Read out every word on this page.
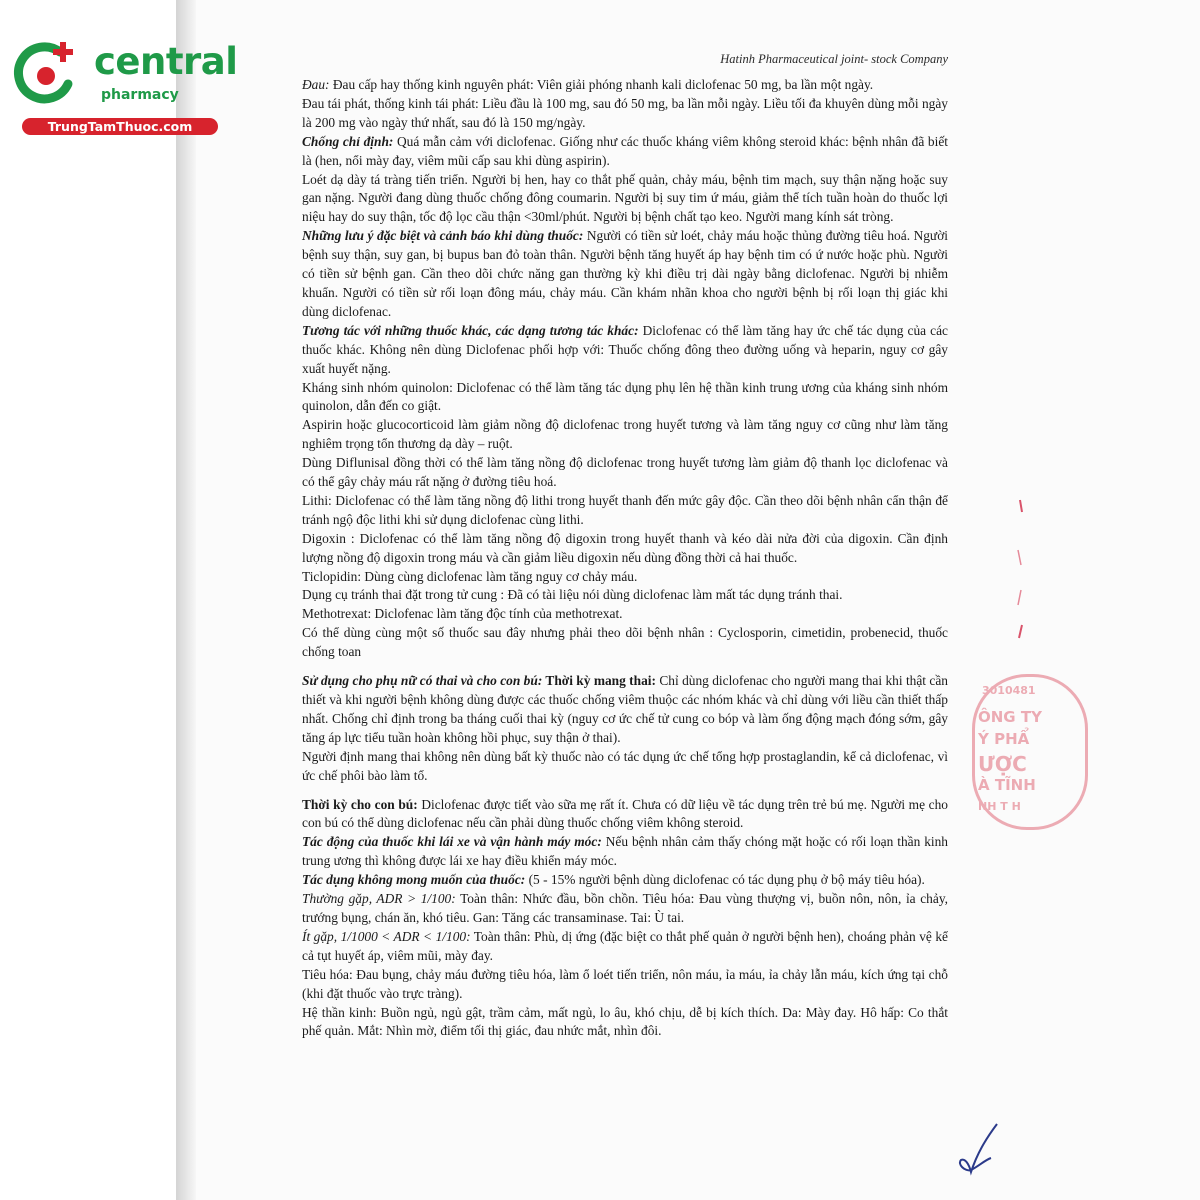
central
pharmacy
TrungTamThuoc.com
Hatinh Pharmaceutical joint- stock Company

Đau: Đau cấp hay thống kinh nguyên phát: Viên giải phóng nhanh kali diclofenac 50 mg, ba lần một ngày.

Đau tái phát, thống kinh tái phát: Liều đầu là 100 mg, sau đó 50 mg, ba lần mỗi ngày. Liều tối đa khuyên dùng mỗi ngày là 200 mg vào ngày thứ nhất, sau đó là 150 mg/ngày.

Chống chỉ định: Quá mẫn cảm với diclofenac. Giống như các thuốc kháng viêm không steroid khác: bệnh nhân đã biết là (hen, nổi mày đay, viêm mũi cấp sau khi dùng aspirin).

Loét dạ dày tá tràng tiến triển. Người bị hen, hay co thắt phế quản, chảy máu, bệnh tim mạch, suy thận nặng hoặc suy gan nặng. Người đang dùng thuốc chống đông coumarin. Người bị suy tim ứ máu, giảm thể tích tuần hoàn do thuốc lợi niệu hay do suy thận, tốc độ lọc cầu thận <30ml/phút. Người bị bệnh chất tạo keo. Người mang kính sát tròng.

Những lưu ý đặc biệt và cảnh báo khi dùng thuốc: Người có tiền sử loét, chảy máu hoặc thủng đường tiêu hoá. Người bệnh suy thận, suy gan, bị bupus ban đỏ toàn thân. Người bệnh tăng huyết áp hay bệnh tim có ứ nước hoặc phù. Người có tiền sử bệnh gan. Cần theo dõi chức năng gan thường kỳ khi điều trị dài ngày bằng diclofenac. Người bị nhiễm khuẩn. Người có tiền sử rối loạn đông máu, chảy máu. Cần khám nhãn khoa cho người bệnh bị rối loạn thị giác khi dùng diclofenac.

Tương tác với những thuốc khác, các dạng tương tác khác: Diclofenac có thể làm tăng hay ức chế tác dụng của các thuốc khác. Không nên dùng Diclofenac phối hợp với: Thuốc chống đông theo đường uống và heparin, nguy cơ gây xuất huyết nặng.

Kháng sinh nhóm quinolon: Diclofenac có thể làm tăng tác dụng phụ lên hệ thần kinh trung ương của kháng sinh nhóm quinolon, dẫn đến co giật.

Aspirin hoặc glucocorticoid làm giảm nồng độ diclofenac trong huyết tương và làm tăng nguy cơ cũng như làm tăng nghiêm trọng tổn thương dạ dày – ruột.

Dùng Diflunisal đồng thời có thể làm tăng nồng độ diclofenac trong huyết tương làm giảm độ thanh lọc diclofenac và có thể gây chảy máu rất nặng ở đường tiêu hoá.

Lithi: Diclofenac có thể làm tăng nồng độ lithi trong huyết thanh đến mức gây độc. Cần theo dõi bệnh nhân cẩn thận để tránh ngộ độc lithi khi sử dụng diclofenac cùng lithi.

Digoxin : Diclofenac có thể làm tăng nồng độ digoxin trong huyết thanh và kéo dài nửa đời của digoxin. Cần định lượng nồng độ digoxin trong máu và cần giảm liều digoxin nếu dùng đồng thời cả hai thuốc.

Ticlopidin: Dùng cùng diclofenac làm tăng nguy cơ chảy máu.

Dụng cụ tránh thai đặt trong tử cung : Đã có tài liệu nói dùng diclofenac làm mất tác dụng tránh thai.

Methotrexat: Diclofenac làm tăng độc tính của methotrexat.

Có thể dùng cùng một số thuốc sau đây nhưng phải theo dõi bệnh nhân : Cyclosporin, cimetidin, probenecid, thuốc chống toan

Sử dụng cho phụ nữ có thai và cho con bú: Thời kỳ mang thai: Chỉ dùng diclofenac cho người mang thai khi thật cần thiết và khi người bệnh không dùng được các thuốc chống viêm thuộc các nhóm khác và chỉ dùng với liều cần thiết thấp nhất. Chống chỉ định trong ba tháng cuối thai kỳ (nguy cơ ức chế tử cung co bóp và làm ống động mạch đóng sớm, gây tăng áp lực tiểu tuần hoàn không hồi phục, suy thận ở thai).

Người định mang thai không nên dùng bất kỳ thuốc nào có tác dụng ức chế tổng hợp prostaglandin, kể cả diclofenac, vì ức chế phôi bào làm tổ.

Thời kỳ cho con bú: Diclofenac được tiết vào sữa mẹ rất ít. Chưa có dữ liệu về tác dụng trên trẻ bú mẹ. Người mẹ cho con bú có thể dùng diclofenac nếu cần phải dùng thuốc chống viêm không steroid.

Tác động của thuốc khi lái xe và vận hành máy móc: Nếu bệnh nhân cảm thấy chóng mặt hoặc có rối loạn thần kinh trung ương thì không được lái xe hay điều khiển máy móc.

Tác dụng không mong muốn của thuốc: (5 - 15% người bệnh dùng diclofenac có tác dụng phụ ở bộ máy tiêu hóa).

Thường gặp, ADR > 1/100: Toàn thân: Nhức đầu, bồn chồn. Tiêu hóa: Đau vùng thượng vị, buồn nôn, nôn, ỉa chảy, trướng bụng, chán ăn, khó tiêu. Gan: Tăng các transaminase. Tai: Ù tai.

Ít gặp, 1/1000 < ADR < 1/100: Toàn thân: Phù, dị ứng (đặc biệt co thắt phế quản ở người bệnh hen), choáng phản vệ kể cả tụt huyết áp, viêm mũi, mày đay.

Tiêu hóa: Đau bụng, chảy máu đường tiêu hóa, làm ổ loét tiến triển, nôn máu, ỉa máu, ỉa chảy lẫn máu, kích ứng tại chỗ (khi đặt thuốc vào trực tràng).

Hệ thần kinh: Buồn ngủ, ngủ gật, trầm cảm, mất ngủ, lo âu, khó chịu, dễ bị kích thích. Da: Mày đay. Hô hấp: Co thắt phế quản. Mắt: Nhìn mờ, điểm tối thị giác, đau nhức mắt, nhìn đôi.

3010481
ÔNG TY
Ý PHẨ
ƯỢC
À TĨNH
NH T H
